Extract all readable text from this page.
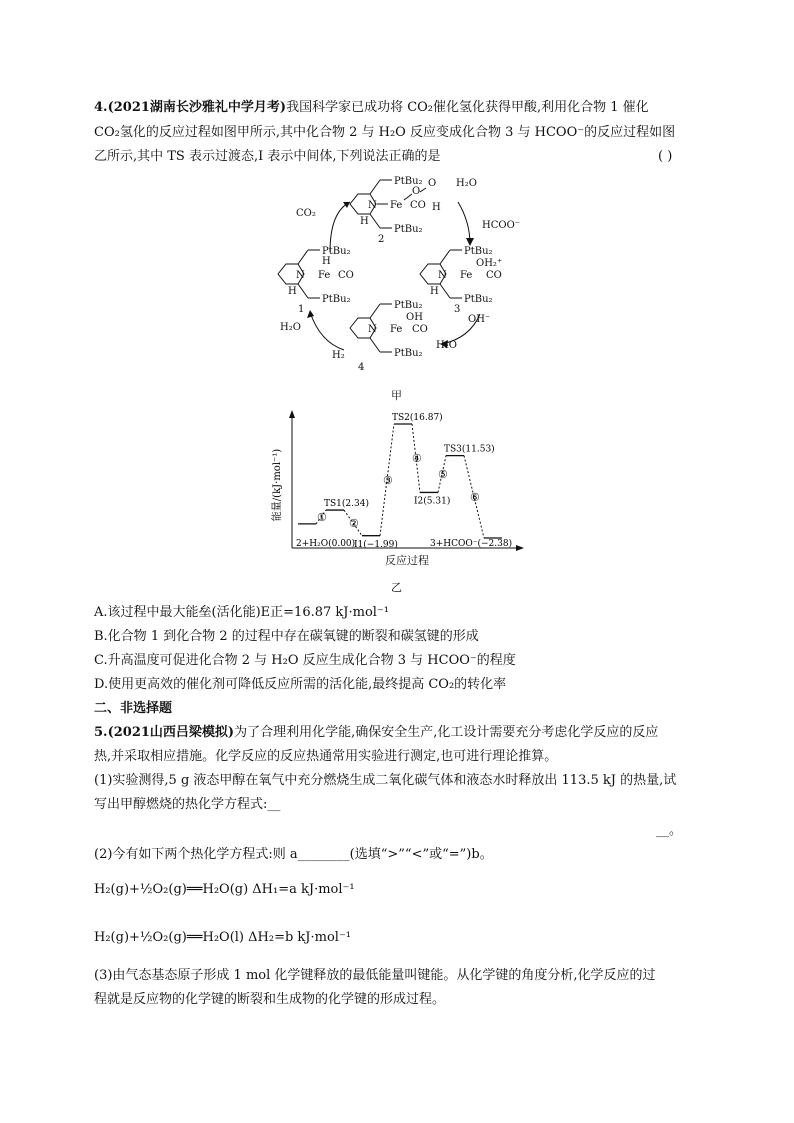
4.(2021湖南长沙雅礼中学月考)我国科学家已成功将 CO₂催化氢化获得甲酸,利用化合物 1 催化
CO₂氢化的反应过程如图甲所示,其中化合物 2 与 H₂O 反应变成化合物 3 与 HCOO⁻的反应过程如图
乙所示,其中 TS 表示过渡态,I 表示中间体,下列说法正确的是	( )
PtBu₂
N Fe
O
O
CO H
H
PtBu₂
2
PtBu₂
N Fe
H
CO
H
PtBu₂
1
PtBu₂
N Fe
OH₂⁺
CO
H
PtBu₂
3
PtBu₂
N Fe
OH
CO
PtBu₂
4
CO₂
H₂O
HCOO⁻
OH⁻
H₂O
H₂O
H₂
甲
能量/(kJ·mol⁻¹)
2+H₂O(0.00)
TS1(2.34)
I1(−1.99)
TS2(16.87)
I2(5.31)
TS3(11.53)
3+HCOO⁻(−2.38)
① ②
③
④
⑤
⑥
反应过程
乙
A.该过程中最大能垒(活化能)E正=16.87 kJ·mol⁻¹
B.化合物 1 到化合物 2 的过程中存在碳氧键的断裂和碳氢键的形成
C.升高温度可促进化合物 2 与 H₂O 反应生成化合物 3 与 HCOO⁻的程度
D.使用更高效的催化剂可降低反应所需的活化能,最终提高 CO₂的转化率
二、非选择题
5.(2021山西吕梁模拟)为了合理利用化学能,确保安全生产,化工设计需要充分考虑化学反应的反应
热,并采取相应措施。化学反应的反应热通常用实验进行测定,也可进行理论推算。
(1)实验测得,5 g 液态甲醇在氧气中充分燃烧生成二氧化碳气体和液态水时释放出 113.5 kJ 的热量,试
写出甲醇燃烧的热化学方程式:__
__。
(2)今有如下两个热化学方程式:则 a________(选填“>”“<”或“=”)b。
H₂(g)+½O₂(g)══H₂O(g) ΔH₁=a kJ·mol⁻¹
H₂(g)+½O₂(g)══H₂O(l) ΔH₂=b kJ·mol⁻¹
(3)由气态基态原子形成 1 mol 化学键释放的最低能量叫键能。从化学键的角度分析,化学反应的过
程就是反应物的化学键的断裂和生成物的化学键的形成过程。
